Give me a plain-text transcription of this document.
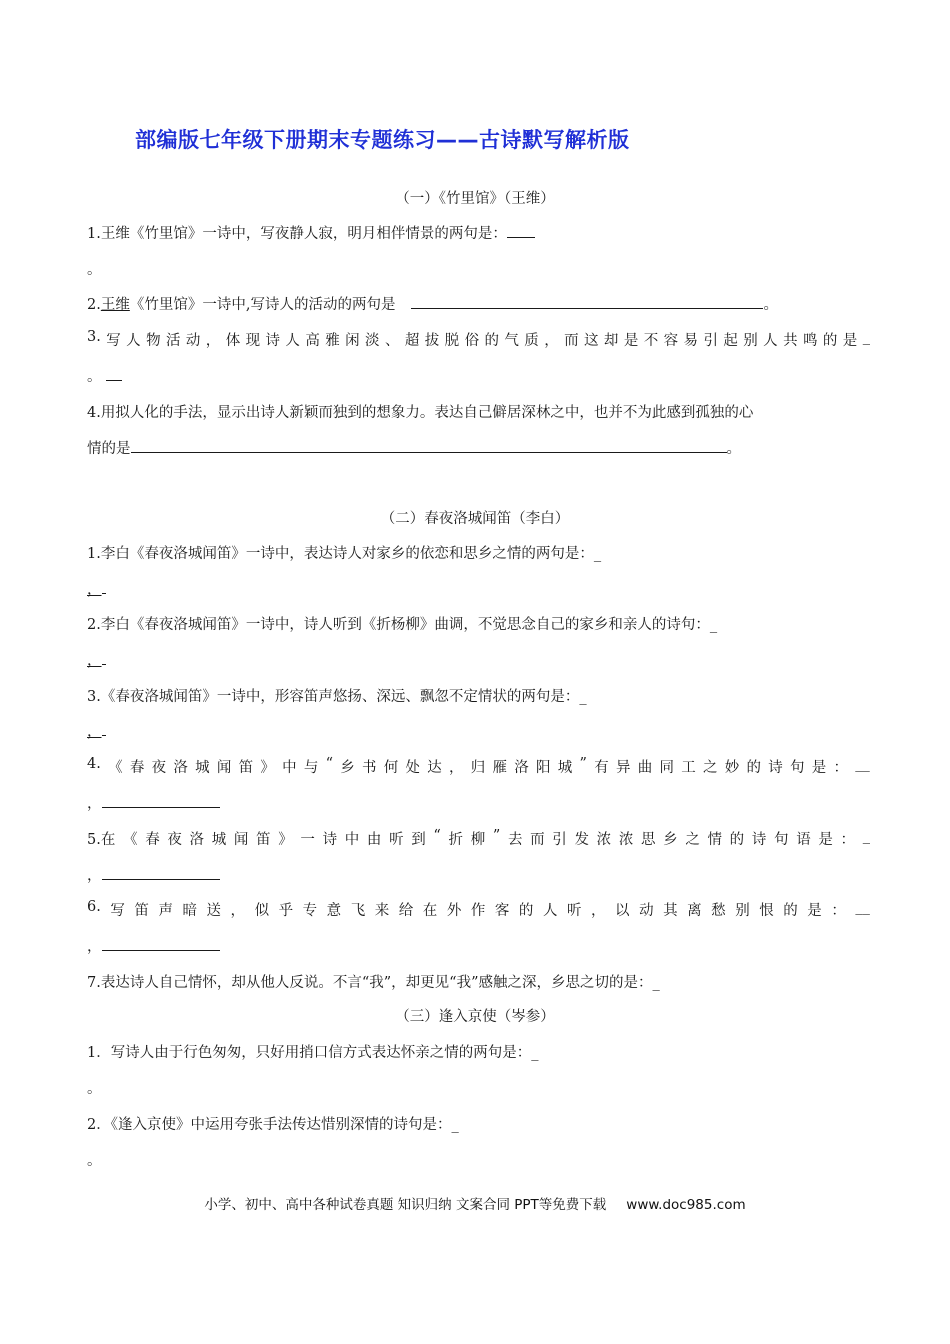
部编版七年级下册期末专题练习——古诗默写解析版
（一）《竹里馆》（王维）
1.王维《竹里馆》一诗中，写夜静人寂，明月相伴情景的两句是：
。
2.王维《竹里馆》一诗中,写诗人的活动的两句是	。
3. 写 人 物 活 动 ， 体 现 诗 人 高 雅 闲 淡 、 超 拔 脱 俗 的 气 质 ， 而 这 却 是 不 容 易 引 起 别 人 共 鸣 的 是 _
。
4.用拟人化的手法，显示出诗人新颖而独到的想象力。表达自己僻居深林之中，也并不为此感到孤独的心
情的是	。
（二）春夜洛城闻笛（李白）
1.李白《春夜洛城闻笛》一诗中，表达诗人对家乡的依恋和思乡之情的两句是：_
，
2.李白《春夜洛城闻笛》一诗中，诗人听到《折杨柳》曲调，不觉思念自己的家乡和亲人的诗句：_
，
3.《春夜洛城闻笛》一诗中，形容笛声悠扬、深远、飘忽不定情状的两句是：_
，
4. 《 春 夜 洛 城 闻 笛 》 中 与 “ 乡 书 何 处 达 ， 归 雁 洛 阳 城 ” 有 异 曲 同 工 之 妙 的 诗 句 是 ： __
，
5.在 《 春 夜 洛 城 闻 笛 》 一 诗 中 由 听 到 “ 折 柳 ” 去 而 引 发 浓 浓 思 乡 之 情 的 诗 句 语 是 ： _
，
6. 写 笛 声 暗 送 ， 似 乎 专 意 飞 来 给 在 外 作 客 的 人 听 ， 以 动 其 离 愁 别 恨 的 是 ： __
，
7.表达诗人自己情怀，却从他人反说。不言“我”，却更见“我”感触之深，乡思之切的是：_
（三）逢入京使（岑参）
1．写诗人由于行色匆匆，只好用捎口信方式表达怀亲之情的两句是：_
。
2．《逢入京使》中运用夸张手法传达惜别深情的诗句是：_
。
小学、初中、高中各种试卷真题 知识归纳 文案合同 PPT等免费下载 www.doc985.com
